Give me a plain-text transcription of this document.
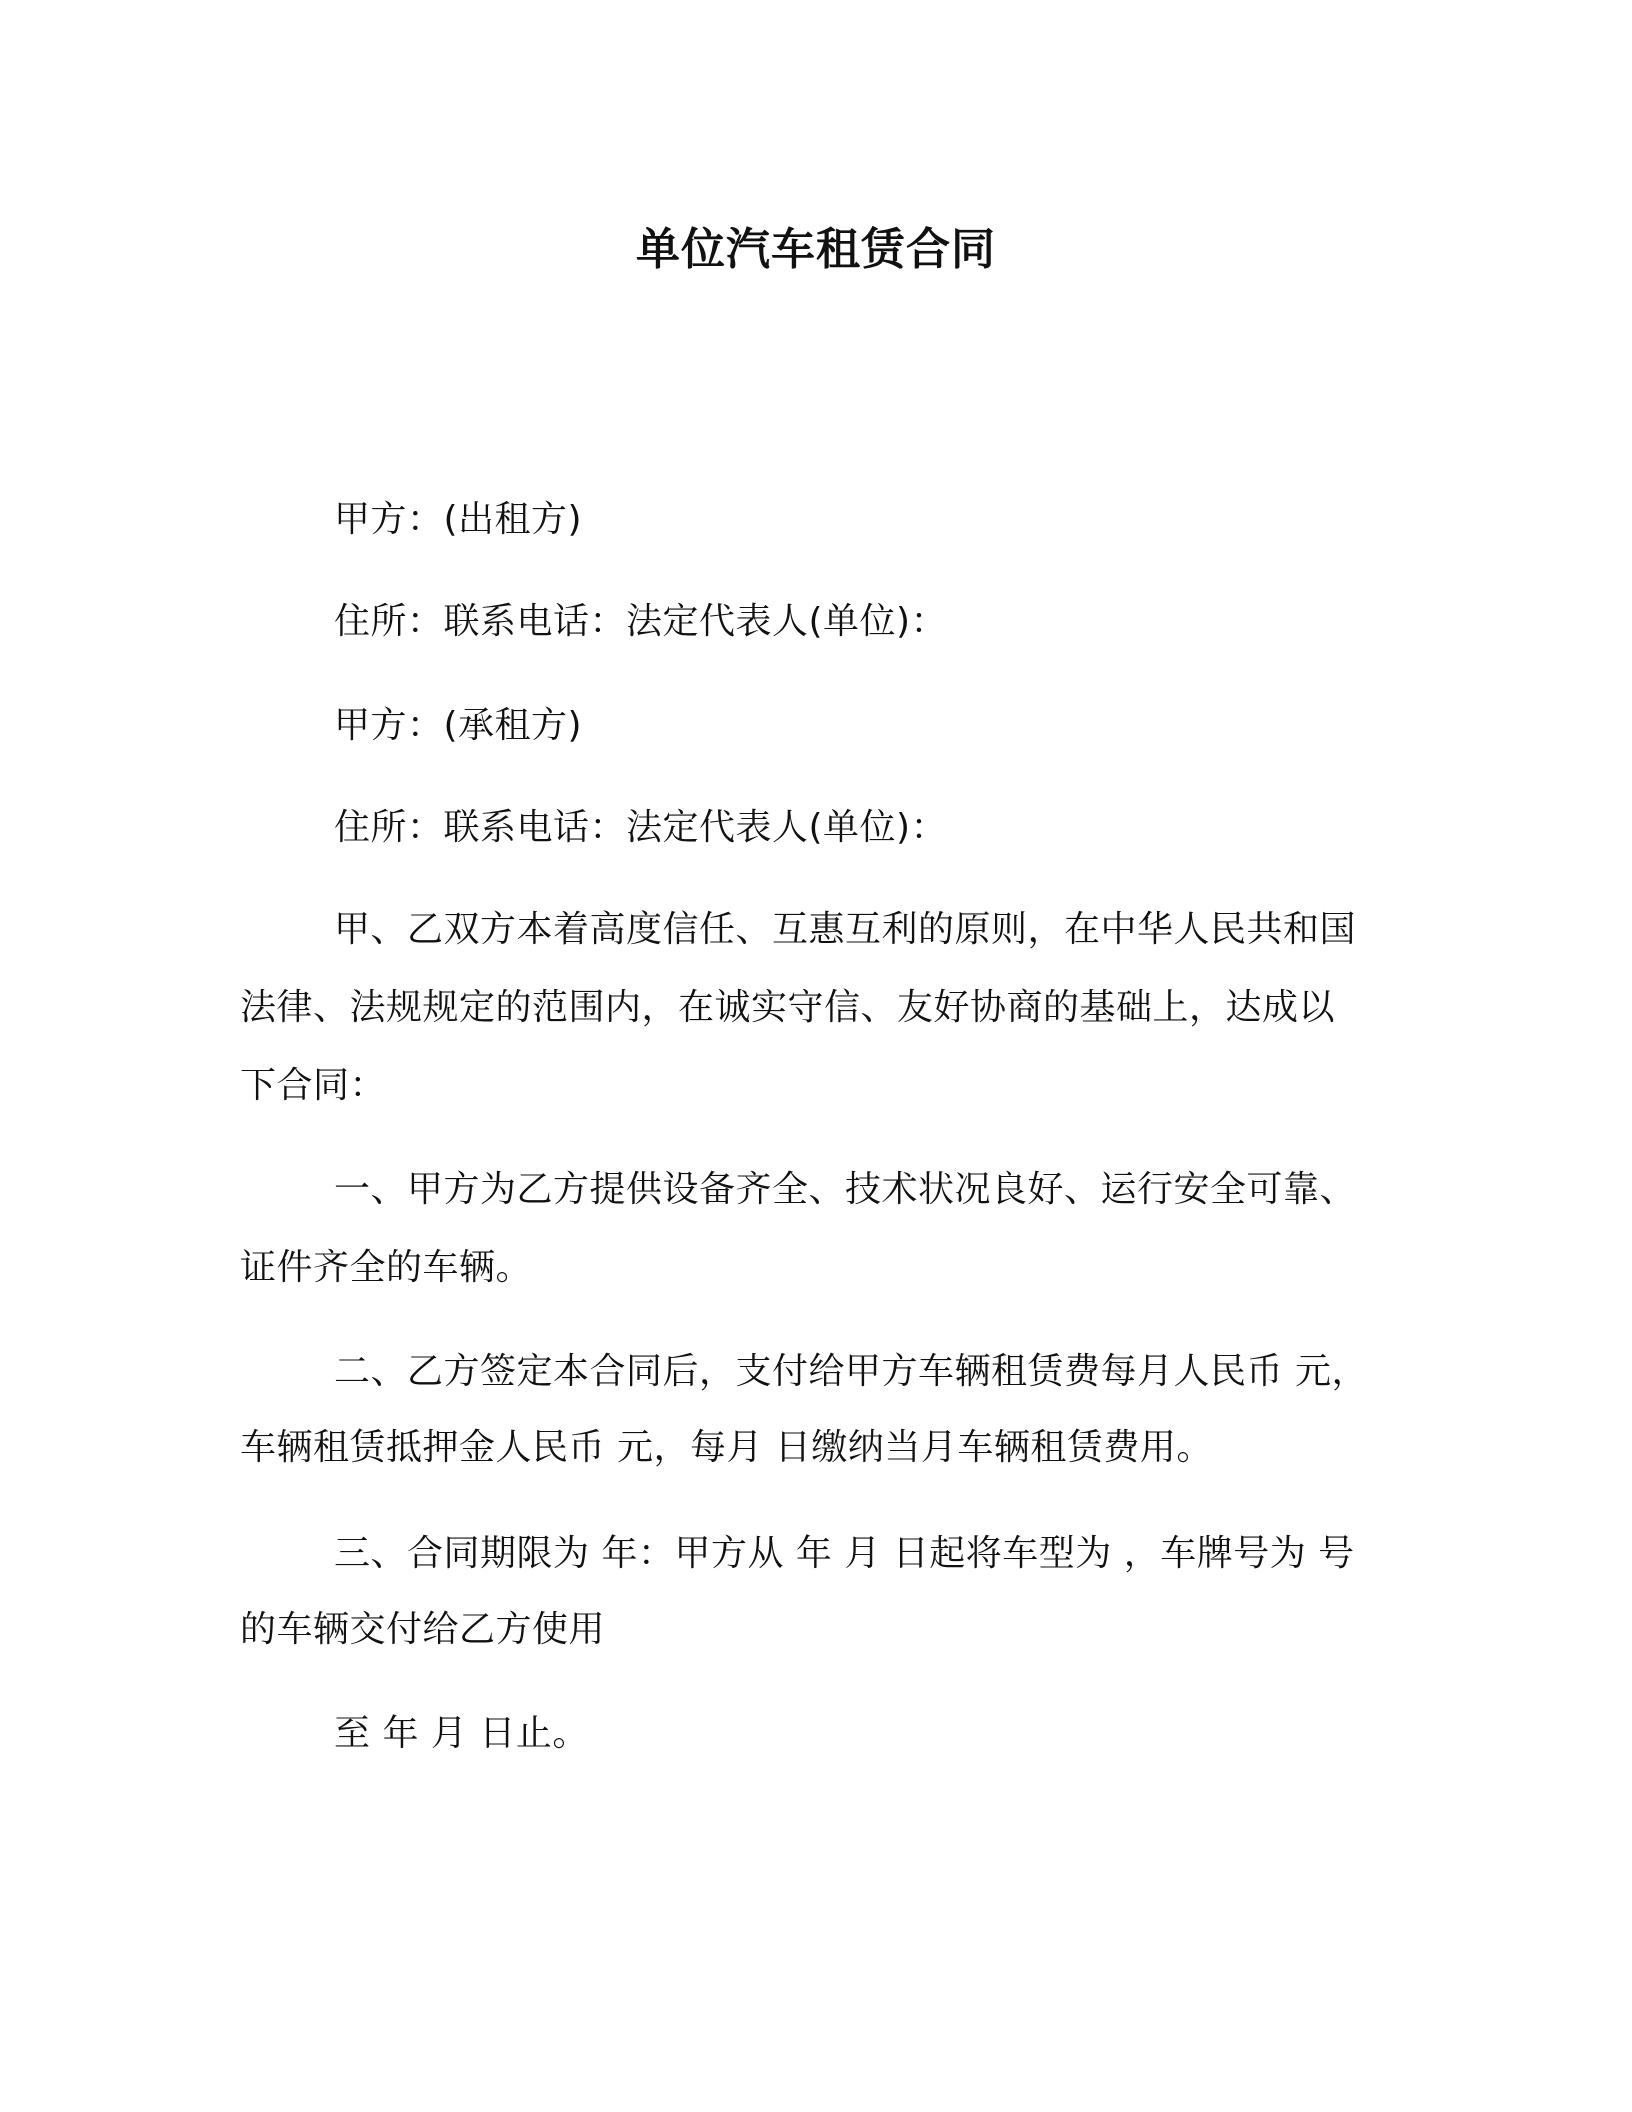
单位汽车租赁合同
甲方：(出租方)
住所：联系电话：法定代表人(单位)：
甲方：(承租方)
住所：联系电话：法定代表人(单位)：
甲、乙双方本着高度信任、互惠互利的原则，在中华人民共和国
法律、法规规定的范围内，在诚实守信、友好协商的基础上，达成以
下合同：
一、甲方为乙方提供设备齐全、技术状况良好、运行安全可靠、
证件齐全的车辆。
二、乙方签定本合同后，支付给甲方车辆租赁费每月人民币 元，
车辆租赁抵押金人民币 元，每月 日缴纳当月车辆租赁费用。
三、合同期限为 年：甲方从 年 月 日起将车型为 ，车牌号为 号
的车辆交付给乙方使用
至 年 月 日止。
